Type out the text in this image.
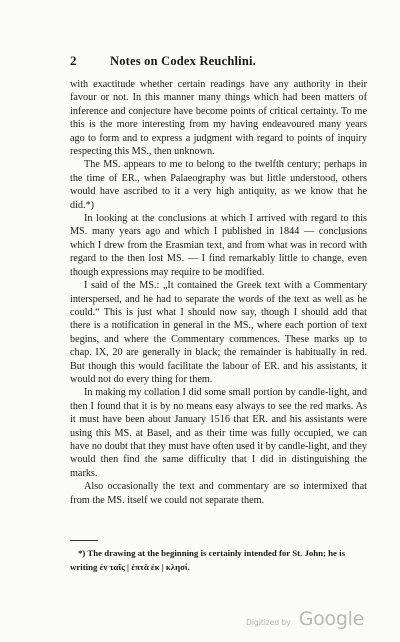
2	Notes on Codex Reuchlini.

with exactitude whether certain readings have any authority in their favour or not. In this manner many things which had been matters of inference and conjecture have become points of critical certainty. To me this is the more interesting from my having endeavoured many years ago to form and to express a judgment with regard to points of inquiry respecting this MS., then unknown.

The MS. appears to me to belong to the twelfth century; perhaps in the time of ER., when Palaeography was but little understood, others would have ascribed to it a very high antiquity, as we know that he did.*)

In looking at the conclusions at which I arrived with regard to this MS. many years ago and which I published in 1844 — conclusions which I drew from the Erasmian text, and from what was in record with regard to the then lost MS. — I find remarkably little to change, even though expressions may require to be modified.

I said of the MS.: „It contained the Greek text with a Commentary interspersed, and he had to separate the words of the text as well as he could.“ This is just what I should now say, though I should add that there is a notification in general in the MS., where each portion of text begins, and where the Commentary commences. These marks up to chap. IX, 20 are generally in black; the remainder is habitually in red. But though this would facilitate the labour of ER. and his assistants, it would not do every thing for them.

In making my collation I did some small portion by candle-light, and then I found that it is by no means easy always to see the red marks. As it must have been about January 1516 that ER. and his assistants were using this MS. at Basel, and as their time was fully occupied, we can have no doubt that they must have often used it by candle-light, and they would then find the same difficulty that I did in distinguishing the marks.

Also occasionally the text and commentary are so intermixed that from the MS. itself we could not separate them.

*) The drawing at the beginning is certainly intended for St. John; he is writing ἐν ταῖς | ἑπτὰ ἐκ | κλησί.
Digitized by Google
